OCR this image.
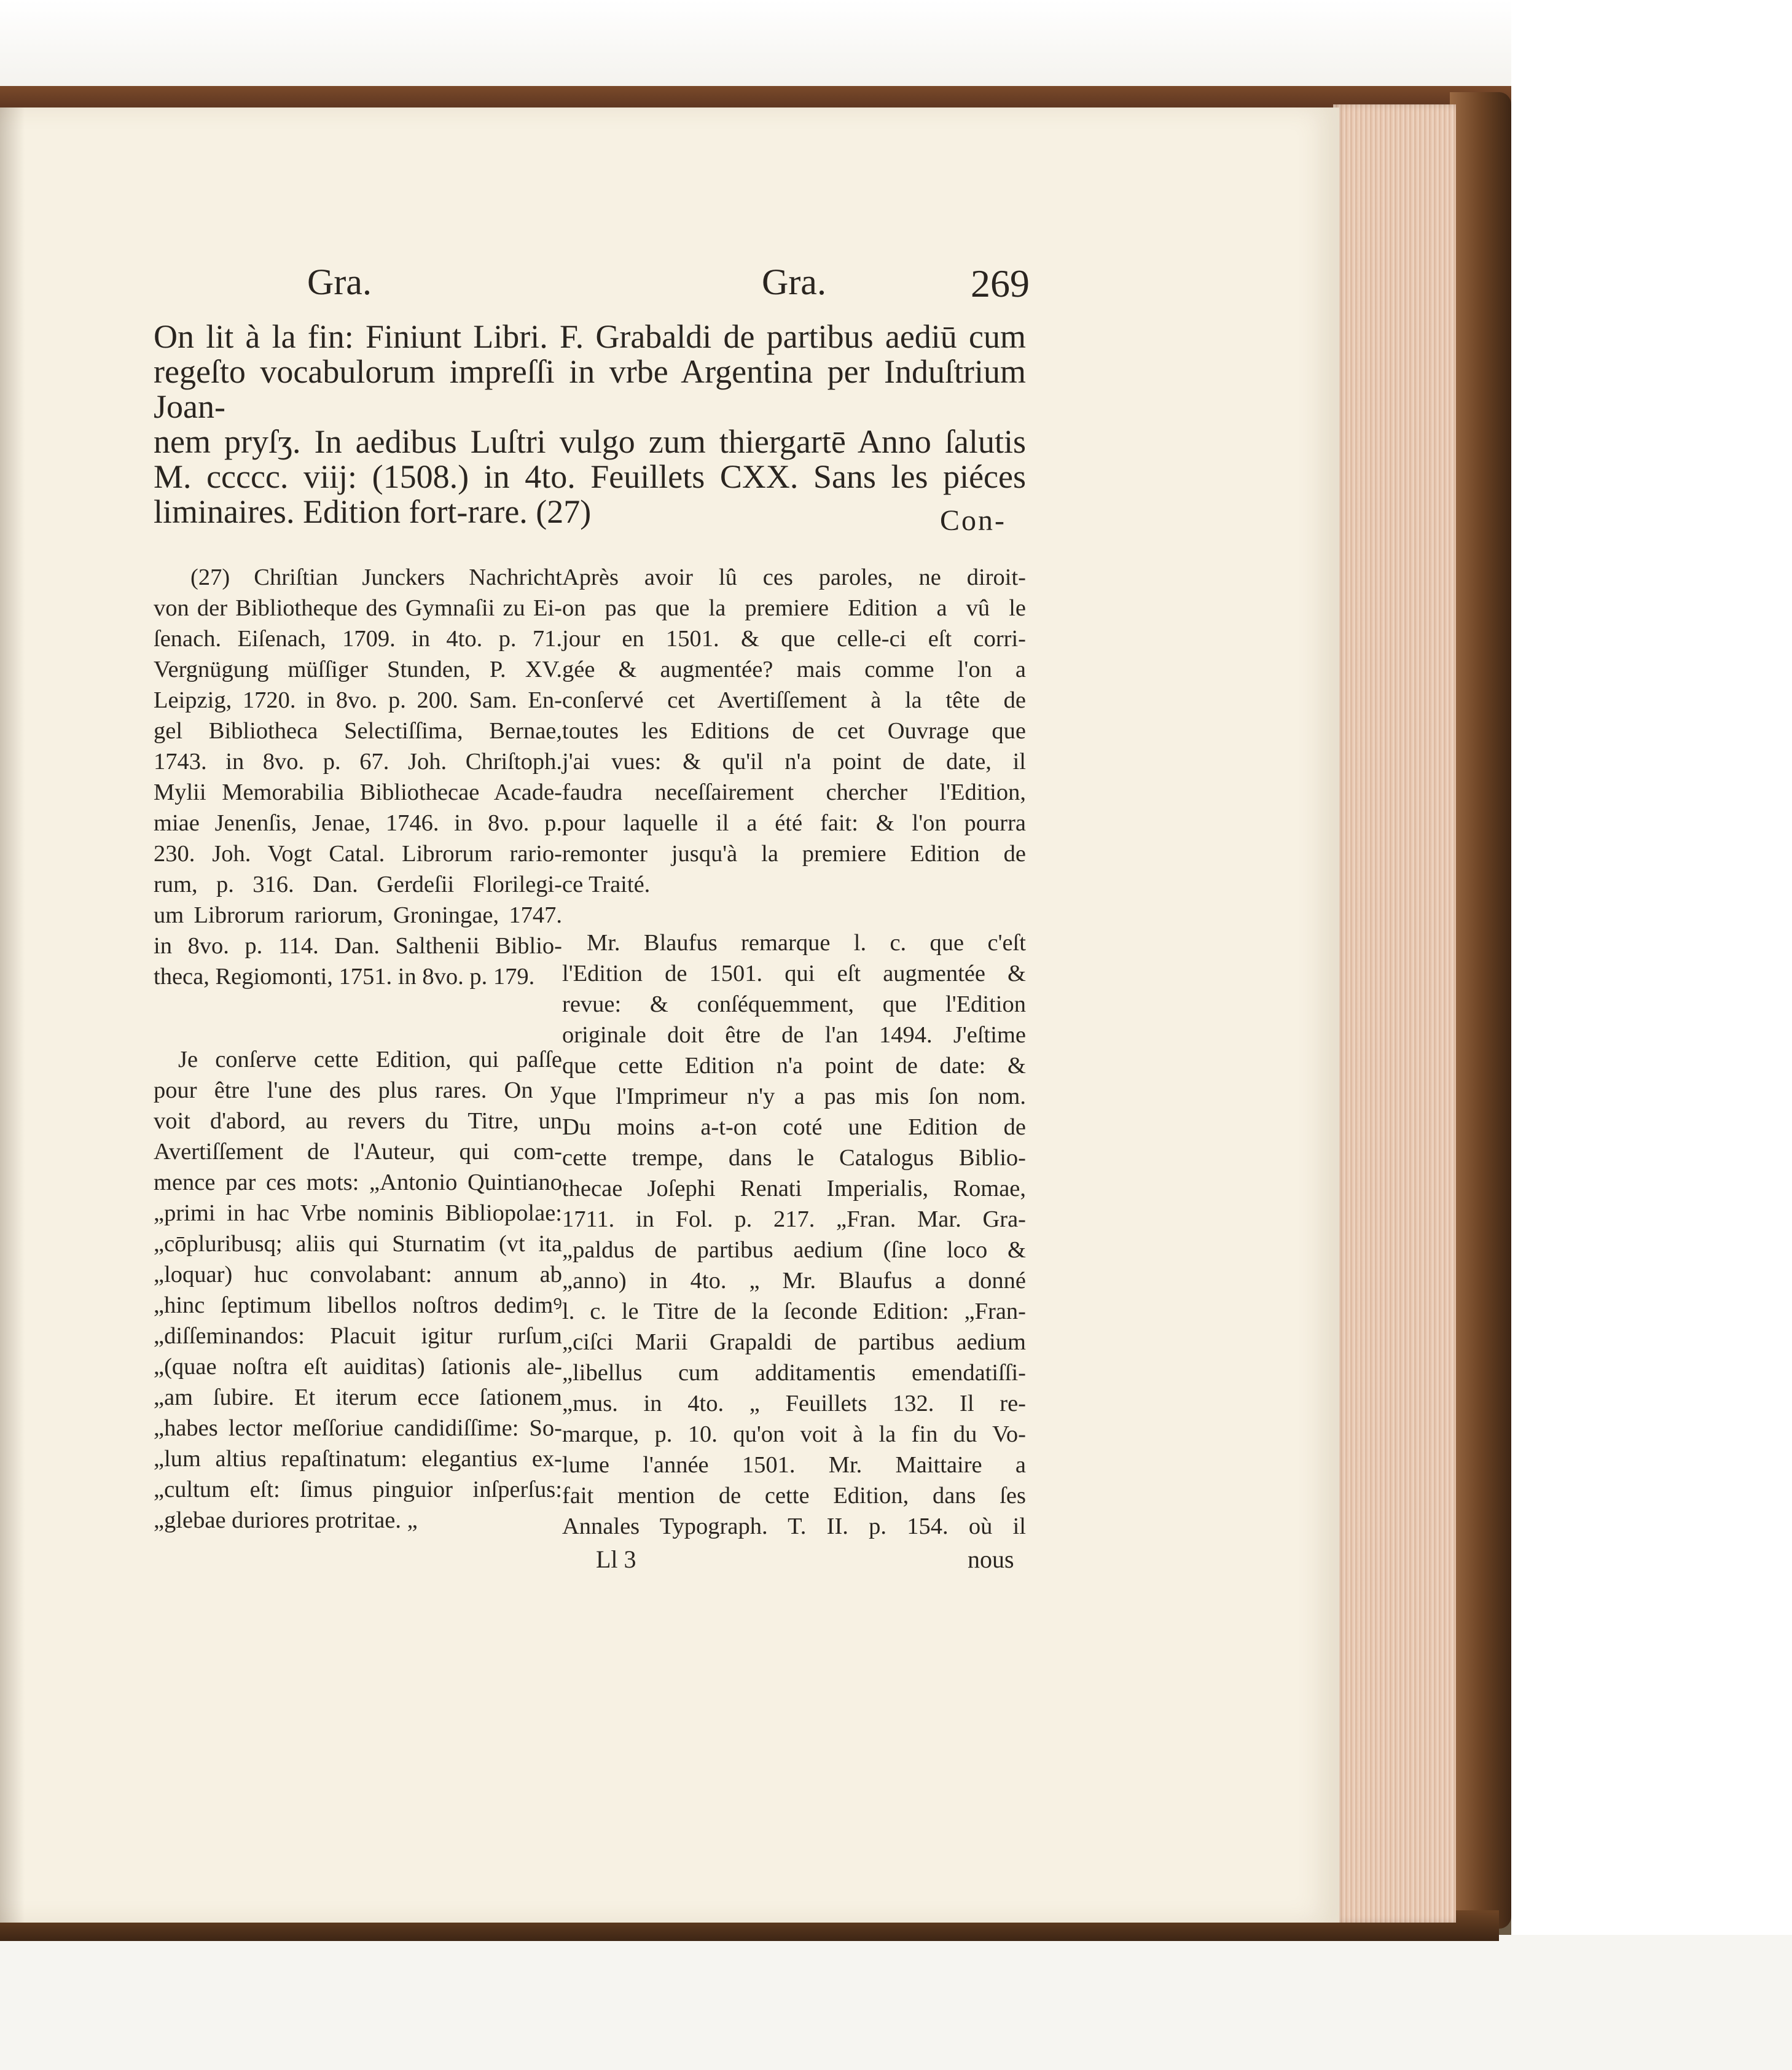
Gra.	Gra.	269
On lit à la fin: Finiunt Libri. F. Grabaldi de partibus aediū cum
regeſto vocabulorum impreſſi in vrbe Argentina per Induſtrium Joan-
nem pryſʒ. In aedibus Luſtri vulgo zum thiergartē Anno ſalutis
M. ccccc. viij: (1508.) in 4to. Feuillets CXX. Sans les piéces
liminaires. Edition fort-rare. (27)	Con-
(27) Chriſtian Junckers Nachricht
von der Bibliotheque des Gymnaſii zu Ei-
ſenach. Eiſenach, 1709. in 4to. p. 71.
Vergnügung müſſiger Stunden, P. XV.
Leipzig, 1720. in 8vo. p. 200. Sam. En-
gel Bibliotheca Selectiſſima, Bernae,
1743. in 8vo. p. 67. Joh. Chriſtoph.
Mylii Memorabilia Bibliothecae Acade-
miae Jenenſis, Jenae, 1746. in 8vo. p.
230. Joh. Vogt Catal. Librorum rario-
rum, p. 316. Dan. Gerdeſii Florilegi-
um Librorum rariorum, Groningae, 1747.
in 8vo. p. 114. Dan. Salthenii Biblio-
theca, Regiomonti, 1751. in 8vo. p. 179.
Je conſerve cette Edition, qui paſſe
pour être l'une des plus rares. On y
voit d'abord, au revers du Titre, un
Avertiſſement de l'Auteur, qui com-
mence par ces mots: „Antonio Quintiano
„primi in hac Vrbe nominis Bibliopolae:
„cōpluribusq; aliis qui Sturnatim (vt ita
„loquar) huc convolabant: annum ab
„hinc ſeptimum libellos noſtros dedimꝰ
„diſſeminandos: Placuit igitur rurſum
„(quae noſtra eſt auiditas) ſationis ale-
„am ſubire. Et iterum ecce ſationem
„habes lector meſſoriue candidiſſime: So-
„lum altius repaſtinatum: elegantius ex-
„cultum eſt: ſimus pinguior inſperſus:
„glebae duriores protritae. „
Après avoir lû ces paroles, ne diroit-
on pas que la premiere Edition a vû le
jour en 1501. & que celle-ci eſt corri-
gée & augmentée? mais comme l'on a
conſervé cet Avertiſſement à la tête de
toutes les Editions de cet Ouvrage que
j'ai vues: & qu'il n'a point de date, il
faudra neceſſairement chercher l'Edition,
pour laquelle il a été fait: & l'on pourra
remonter jusqu'à la premiere Edition de
ce Traité.
Mr. Blaufus remarque l. c. que c'eſt
l'Edition de 1501. qui eſt augmentée &
revue: & conſéquemment, que l'Edition
originale doit être de l'an 1494. J'eſtime
que cette Edition n'a point de date: &
que l'Imprimeur n'y a pas mis ſon nom.
Du moins a-t-on coté une Edition de
cette trempe, dans le Catalogus Biblio-
thecae Joſephi Renati Imperialis, Romae,
1711. in Fol. p. 217. „Fran. Mar. Gra-
„paldus de partibus aedium (ſine loco &
„anno) in 4to. „ Mr. Blaufus a donné
l. c. le Titre de la ſeconde Edition: „Fran-
„ciſci Marii Grapaldi de partibus aedium
„libellus cum additamentis emendatiſſi-
„mus. in 4to. „ Feuillets 132. Il re-
marque, p. 10. qu'on voit à la fin du Vo-
lume l'année 1501. Mr. Maittaire a
fait mention de cette Edition, dans ſes
Annales Typograph. T. II. p. 154. où il
Ll 3	nous
